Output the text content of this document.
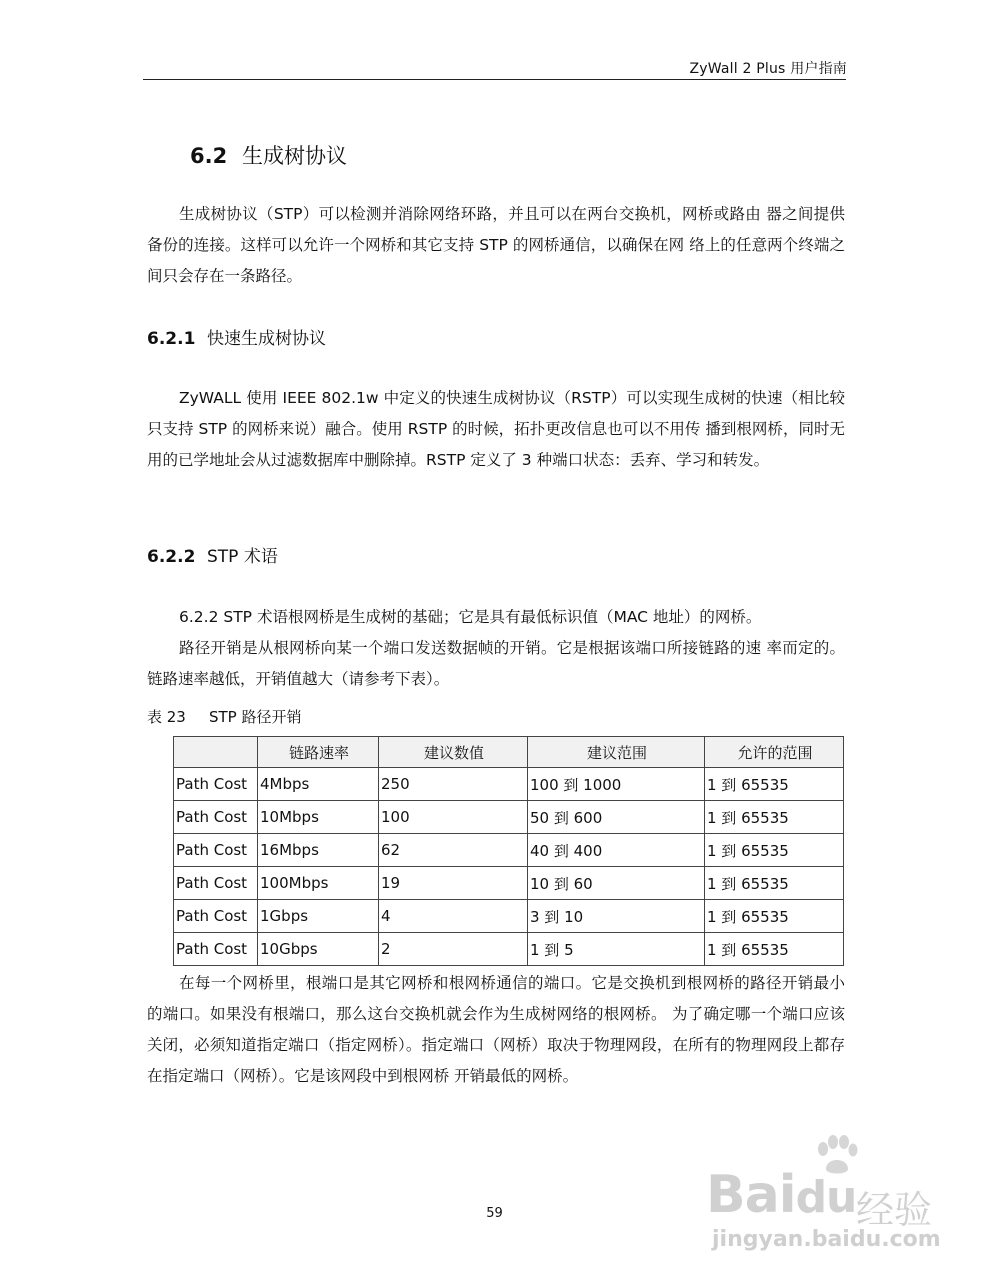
ZyWall 2 Plus 用户指南
6.2 生成树协议

生成树协议（STP）可以检测并消除网络环路，并且可以在两台交换机，网桥或路由 器之间提供备份的连接。这样可以允许一个网桥和其它支持 STP 的网桥通信，以确保在网 络上的任意两个终端之间只会存在一条路径。

6.2.1 快速生成树协议

ZyWALL 使用 IEEE 802.1w 中定义的快速生成树协议（RSTP）可以实现生成树的快速（相比较只支持 STP 的网桥来说）融合。使用 RSTP 的时候，拓扑更改信息也可以不用传 播到根网桥，同时无用的已学地址会从过滤数据库中删除掉。RSTP 定义了 3 种端口状态：丢弃、学习和转发。

6.2.2 STP 术语

6.2.2 STP 术语根网桥是生成树的基础；它是具有最低标识值（MAC 地址）的网桥。

路径开销是从根网桥向某一个端口发送数据帧的开销。它是根据该端口所接链路的速 率而定的。链路速率越低，开销值越大（请参考下表）。

表 23 STP 路径开销
	链路速率	建议数值	建议范围	允许的范围
Path Cost	4Mbps	250	100 到 1000	1 到 65535
Path Cost	10Mbps	100	50 到 600	1 到 65535
Path Cost	16Mbps	62	40 到 400	1 到 65535
Path Cost	100Mbps	19	10 到 60	1 到 65535
Path Cost	1Gbps	4	3 到 10	1 到 65535
Path Cost	10Gbps	2	1 到 5	1 到 65535

在每一个网桥里，根端口是其它网桥和根网桥通信的端口。它是交换机到根网桥的路径开销最小的端口。如果没有根端口，那么这台交换机就会作为生成树网络的根网桥。 为了确定哪一个端口应该关闭，必须知道指定端口（指定网桥）。指定端口（网桥）取决于物理网段，在所有的物理网段上都存在指定端口（网桥）。它是该网段中到根网桥 开销最低的网桥。

59	Baidu 经验
jingyan.baidu.com
